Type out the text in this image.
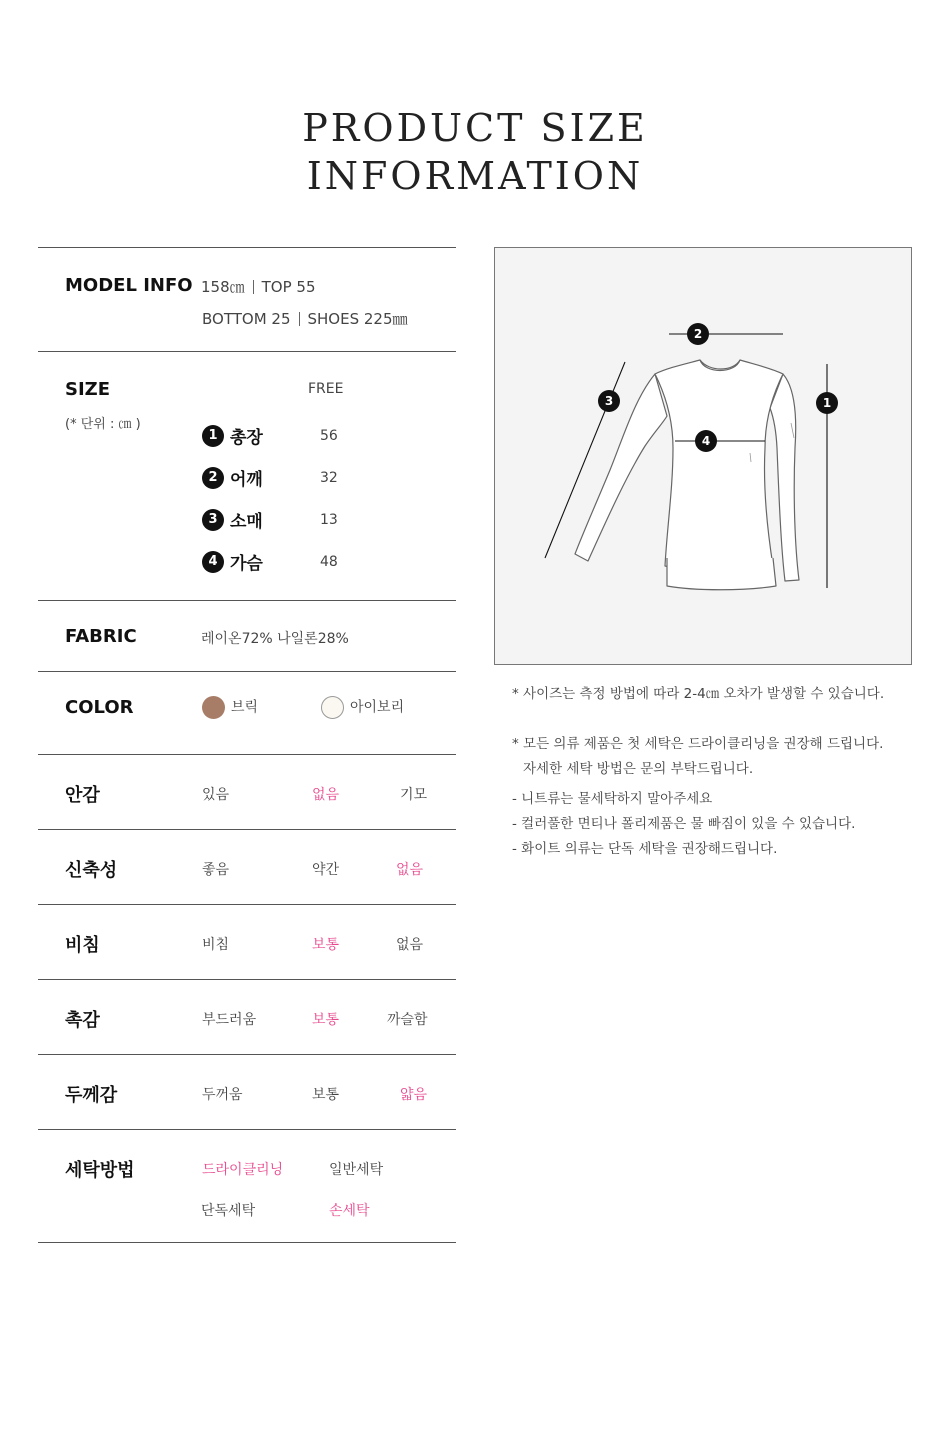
PRODUCT SIZE
INFORMATION
MODEL INFO 158㎝ TOP 55
BOTTOM 25 SHOES 225㎜
SIZE
(* 단위 : ㎝ )
FREE
1 총장	56
2 어깨	32
3 소매	13
4 가슴	48
FABRIC	레이온72% 나일론28%
COLOR	브릭	아이보리
안감	있음	없음	기모
신축성	좋음	약간	없음
비침	비침	보통	없음
촉감	부드러움	보통	까슬함
두께감	두꺼움	보통	얇음
세탁방법	드라이클리닝	일반세탁
단독세탁	손세탁
1
2
3
4
* 사이즈는 측정 방법에 따라 2-4㎝ 오차가 발생할 수 있습니다.
* 모든 의류 제품은 첫 세탁은 드라이클리닝을 권장해 드립니다.
자세한 세탁 방법은 문의 부탁드립니다.
- 니트류는 물세탁하지 말아주세요
- 컬러풀한 면티나 폴리제품은 물 빠짐이 있을 수 있습니다.
- 화이트 의류는 단독 세탁을 권장해드립니다.
